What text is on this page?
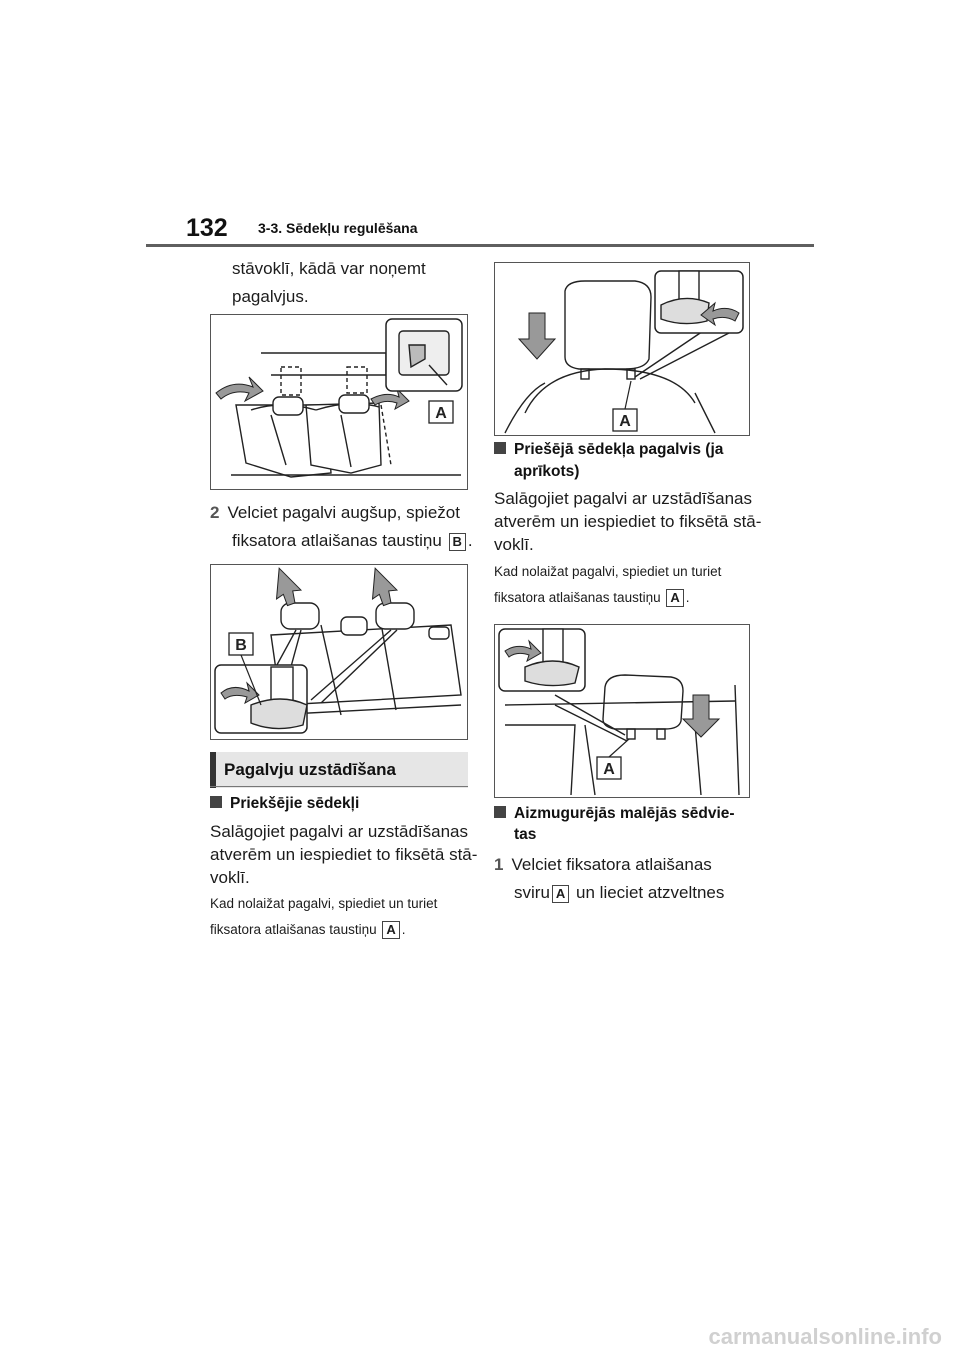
132 3-3. Sēdekļu regulēšana
stāvoklī, kādā var noņemt
pagalvjus.
A
2 Velciet pagalvi augšup, spiežot
fiksatora atlaišanas taustiņu B .
B
Pagalvju uzstādīšana
Priekšējie sēdekļi
Salāgojiet pagalvi ar uzstādīšanas
atverēm un iespiediet to fiksētā stā-
voklī.
Kad nolaižat pagalvi, spiediet un turiet
fiksatora atlaišanas taustiņu A .
A
Priešējā sēdekļa pagalvis (ja
aprīkots)
Salāgojiet pagalvi ar uzstādīšanas
atverēm un iespiediet to fiksētā stā-
voklī.
Kad nolaižat pagalvi, spiediet un turiet
fiksatora atlaišanas taustiņu A .
A
Aizmugurējās malējās sēdvie-
tas
1 Velciet fiksatora atlaišanas
sviru A un lieciet atzveltnes
carmanualsonline.info
